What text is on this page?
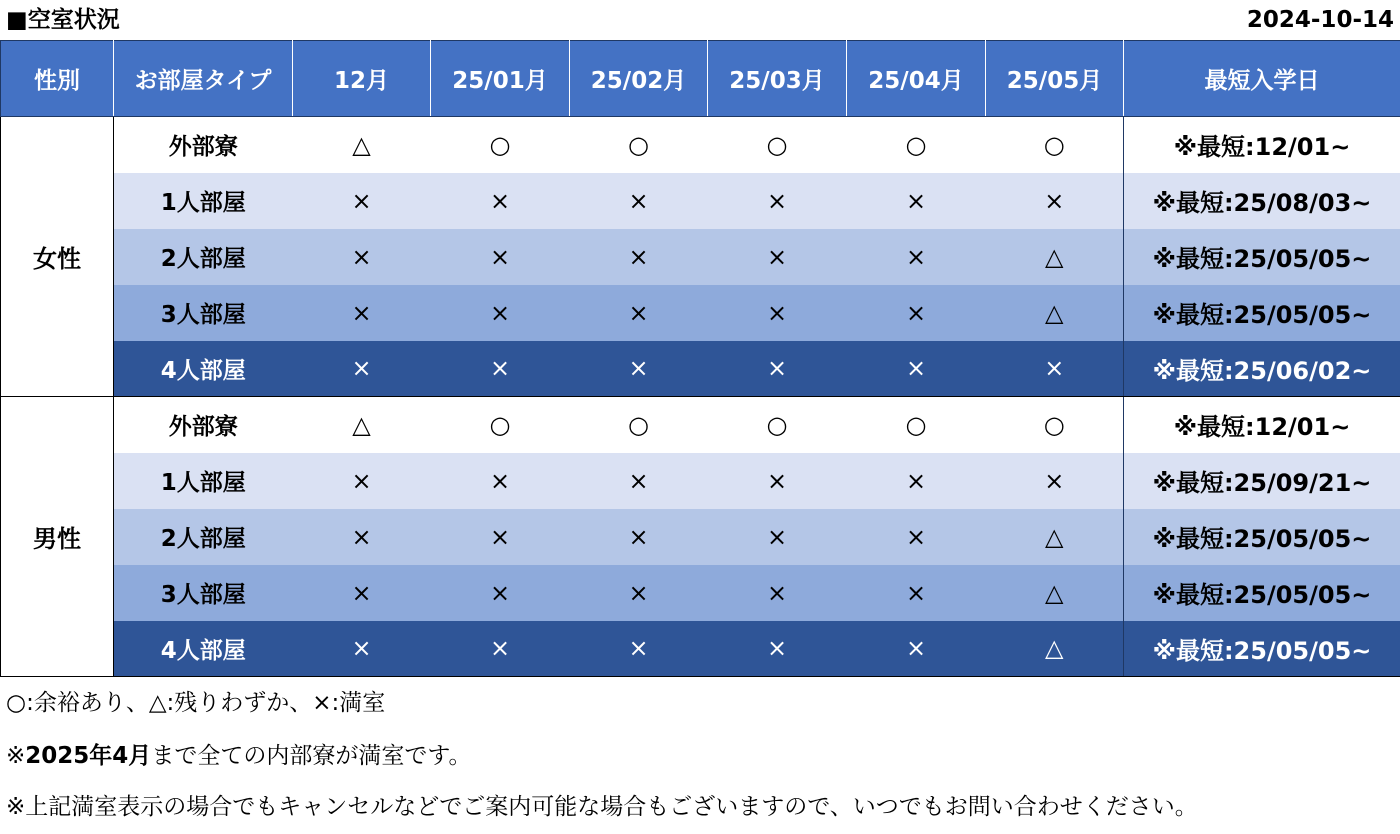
■空室状況	2024-10-14
性別	お部屋タイプ	12月	25/01月	25/02月	25/03月	25/04月	25/05月	最短入学日
女性	外部寮	△	○	○	○	○	○	※最短:12/01~
	1人部屋	×	×	×	×	×	×	※最短:25/08/03~
	2人部屋	×	×	×	×	×	△	※最短:25/05/05~
	3人部屋	×	×	×	×	×	△	※最短:25/05/05~
	4人部屋	×	×	×	×	×	×	※最短:25/06/02~
男性	外部寮	△	○	○	○	○	○	※最短:12/01~
	1人部屋	×	×	×	×	×	×	※最短:25/09/21~
	2人部屋	×	×	×	×	×	△	※最短:25/05/05~
	3人部屋	×	×	×	×	×	△	※最短:25/05/05~
	4人部屋	×	×	×	×	×	△	※最短:25/05/05~
○:余裕あり、△:残りわずか、×:満室
※2025年4月まで全ての内部寮が満室です。
※上記満室表示の場合でもキャンセルなどでご案内可能な場合もございますので、いつでもお問い合わせください。
